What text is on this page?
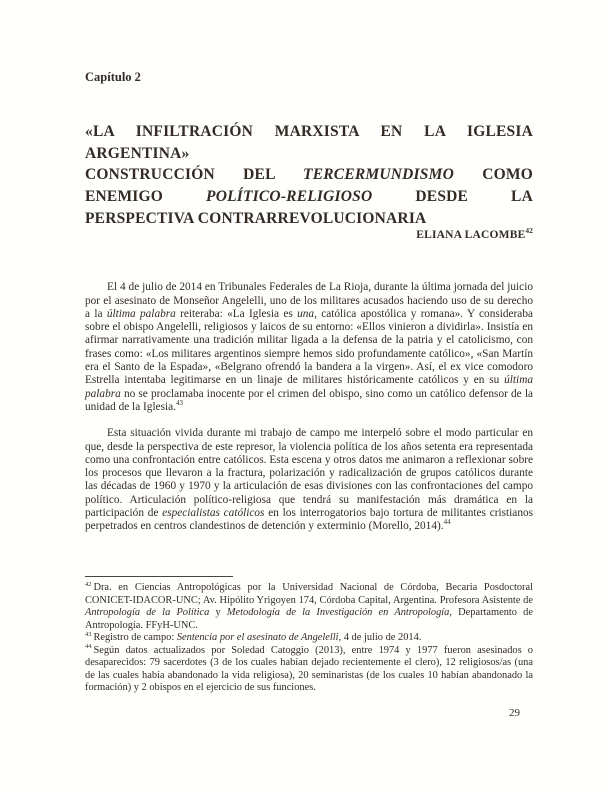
Capítulo 2
«LA INFILTRACIÓN MARXISTA EN LA IGLESIA
ARGENTINA»
CONSTRUCCIÓN DEL TERCERMUNDISMO COMO
ENEMIGO POLÍTICO-RELIGIOSO DESDE LA
PERSPECTIVA CONTRARREVOLUCIONARIA
ELIANA LACOMBE$^{42}$

El 4 de julio de 2014 en Tribunales Federales de La Rioja, durante la última jornada del juicio por el asesinato de Monseñor Angelelli, uno de los militares acusados haciendo uso de su derecho a la última palabra reiteraba: «La Iglesia es una, católica apostólica y romana». Y consideraba sobre el obispo Angelelli, religiosos y laicos de su entorno: «Ellos vinieron a dividirla». Insistía en afirmar narrativamente una tradición militar ligada a la defensa de la patria y el catolicismo, con frases como: «Los militares argentinos siempre hemos sido profundamente católico», «San Martín era el Santo de la Espada», «Belgrano ofrendó la bandera a la virgen». Así, el ex vice comodoro Estrella intentaba legitimarse en un linaje de militares históricamente católicos y en su última palabra no se proclamaba inocente por el crimen del obispo, sino como un católico defensor de la unidad de la Iglesia.$^{43}$

Esta situación vivida durante mi trabajo de campo me interpeló sobre el modo particular en que, desde la perspectiva de este represor, la violencia política de los años setenta era representada como una confrontación entre católicos. Esta escena y otros datos me animaron a reflexionar sobre los procesos que llevaron a la fractura, polarización y radicalización de grupos católicos durante las décadas de 1960 y 1970 y la articulación de esas divisiones con las confrontaciones del campo político. Articulación político-religiosa que tendrá su manifestación más dramática en la participación de especialistas católicos en los interrogatorios bajo tortura de militantes cristianos perpetrados en centros clandestinos de detención y exterminio (Morello, 2014).$^{44}$

$^{42}$ Dra. en Ciencias Antropológicas por la Universidad Nacional de Córdoba, Becaria Posdoctoral CONICET-IDACOR-UNC; Av. Hipólito Yrigoyen 174, Córdoba Capital, Argentina. Profesora Asistente de Antropología de la Política y Metodología de la Investigación en Antropología, Departamento de Antropología. FFyH-UNC.

$^{43}$ Registro de campo: Sentencia por el asesinato de Angelelli, 4 de julio de 2014.

$^{44}$ Según datos actualizados por Soledad Catoggio (2013), entre 1974 y 1977 fueron asesinados o desaparecidos: 79 sacerdotes (3 de los cuales habían dejado recientemente el clero), 12 religiosos/as (una de las cuales había abandonado la vida religiosa), 20 seminaristas (de los cuales 10 habían abandonado la formación) y 2 obispos en el ejercicio de sus funciones.

29
